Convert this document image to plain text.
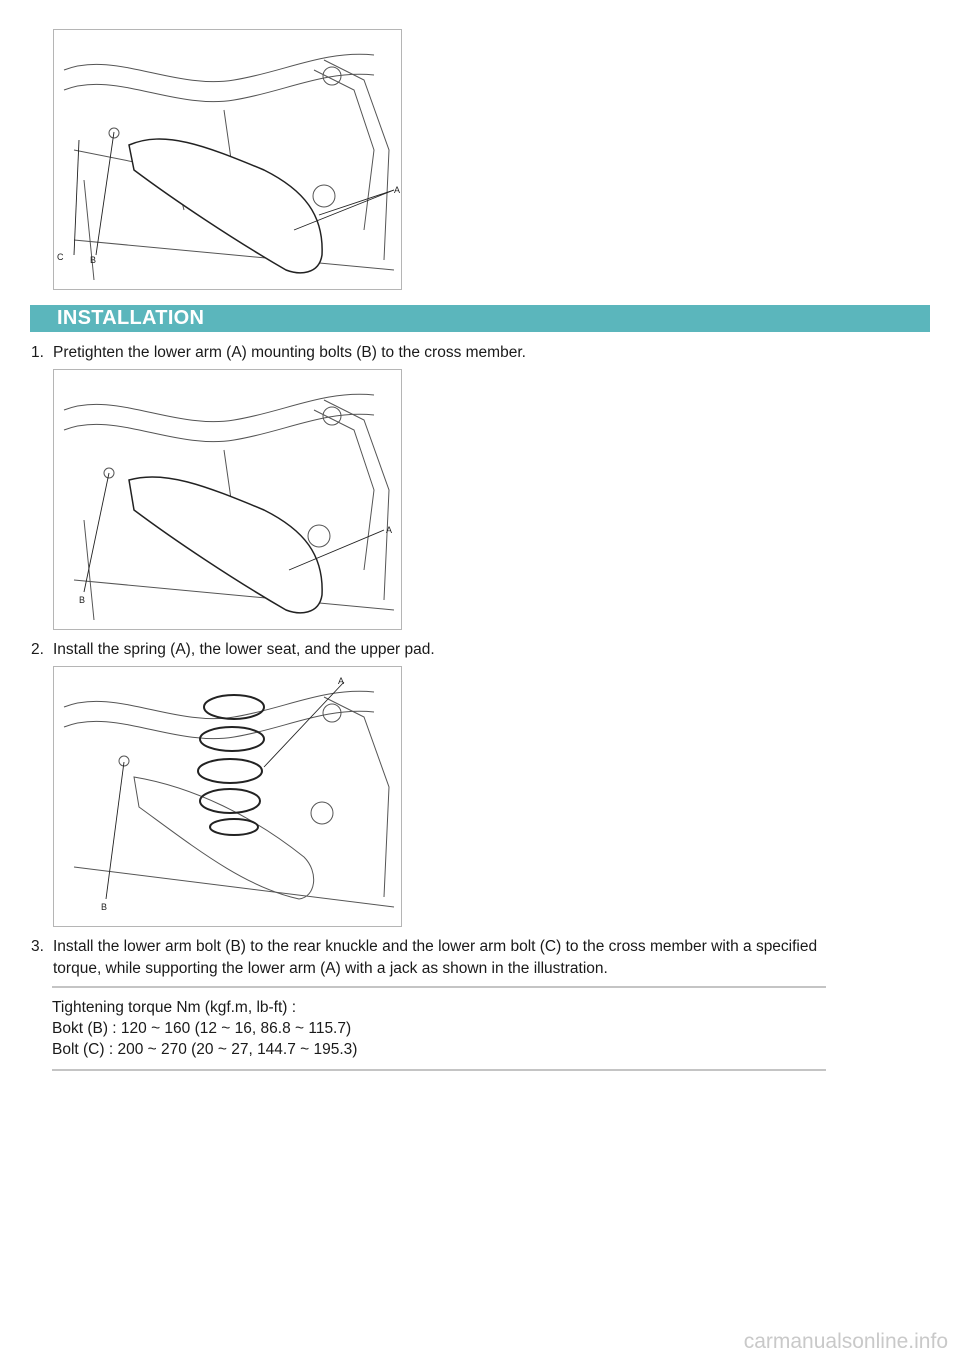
A
B
C
INSTALLATION
1. Pretighten the lower arm (A) mounting bolts (B) to the cross member.
A
B
2. Install the spring (A), the lower seat, and the upper pad.
A
B
3. Install the lower arm bolt (B) to the rear knuckle and the lower arm bolt (C) to the cross member with a specified
torque, while supporting the lower arm (A) with a jack as shown in the illustration.
Tightening torque Nm (kgf.m, lb-ft) :
Bokt (B) : 120 ~ 160 (12 ~ 16, 86.8 ~ 115.7)
Bolt (C) : 200 ~ 270 (20 ~ 27, 144.7 ~ 195.3)
carmanualsonline.info
